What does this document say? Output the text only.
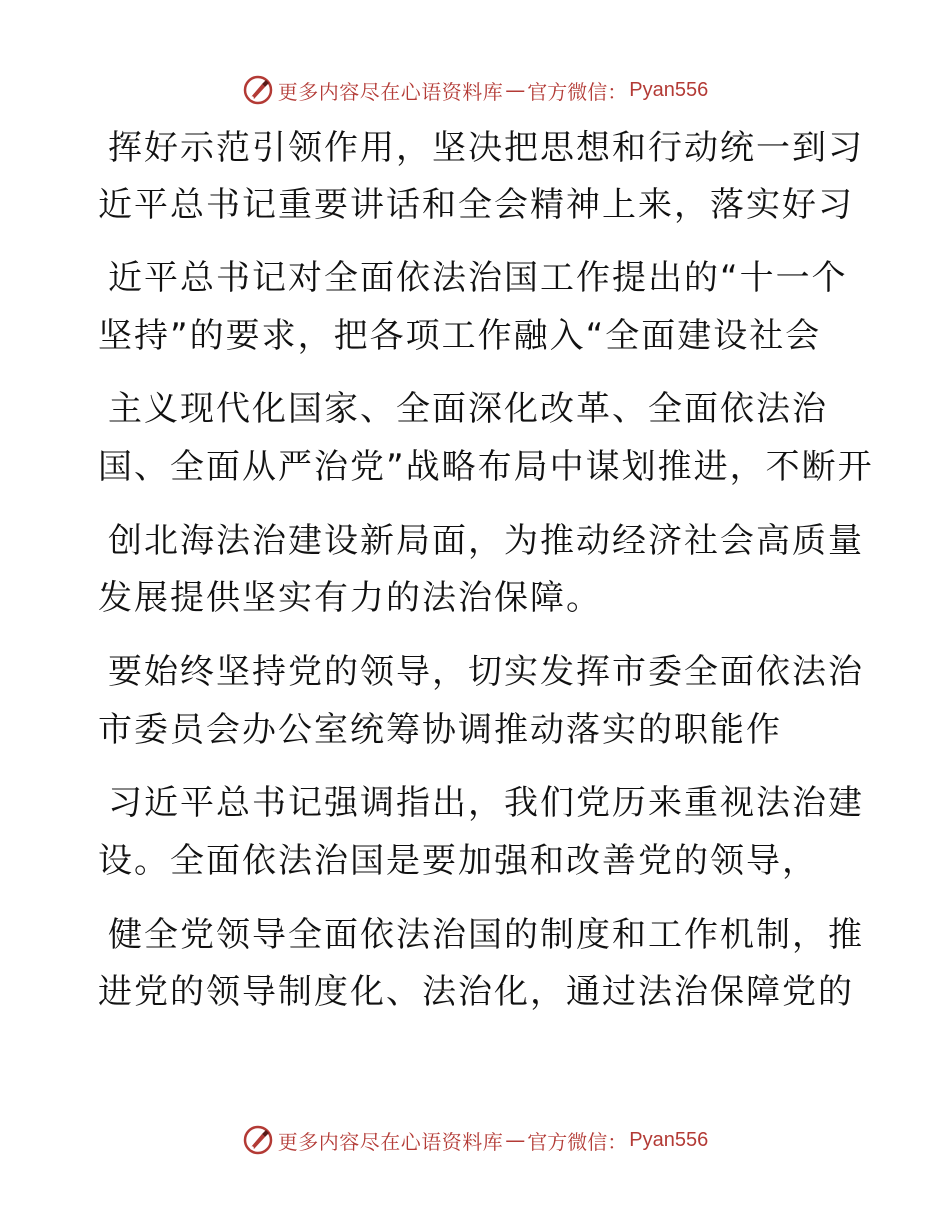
更多内容尽在心语资料库 — 官方微信： Pyan556
挥好示范引领作用，坚决把思想和行动统一到习
近平总书记重要讲话和全会精神上来，落实好习
近平总书记对全面依法治国工作提出的“十一个
坚持”的要求，把各项工作融入“全面建设社会
主义现代化国家、全面深化改革、全面依法治
国、全面从严治党”战略布局中谋划推进，不断开
创北海法治建设新局面，为推动经济社会高质量
发展提供坚实有力的法治保障。
要始终坚持党的领导，切实发挥市委全面依法治
市委员会办公室统筹协调推动落实的职能作
习近平总书记强调指出，我们党历来重视法治建
设。全面依法治国是要加强和改善党的领导，
健全党领导全面依法治国的制度和工作机制，推
进党的领导制度化、法治化，通过法治保障党的
更多内容尽在心语资料库 — 官方微信： Pyan556
